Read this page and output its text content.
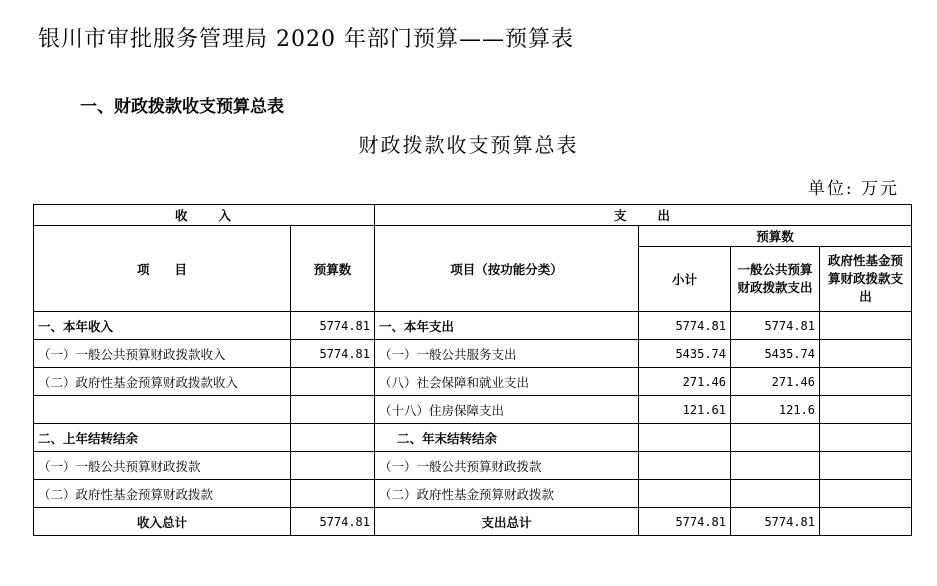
银川市审批服务管理局 2020 年部门预算——预算表
一、财政拨款收支预算总表
财政拨款收支预算总表
单位: 万元
收　　入		支　　出			
项　　目	预算数	项目（按功能分类）	预算数		
			小计	一般公共预算财政拨款支出	政府性基金预算财政拨款支出
一、本年收入	5774.81	一、本年支出	5774.81	5774.81	
（一）一般公共预算财政拨款收入	5774.81	（一）一般公共服务支出	5435.74	5435.74	
（二）政府性基金预算财政拨款收入		（八）社会保障和就业支出	271.46	271.46	
		（十八）住房保障支出	121.61	121.6	
二、上年结转结余		二、年末结转结余			
（一）一般公共预算财政拨款		（一）一般公共预算财政拨款			
（二）政府性基金预算财政拨款		（二）政府性基金预算财政拨款			
收入总计	5774.81	支出总计	5774.81	5774.81	
